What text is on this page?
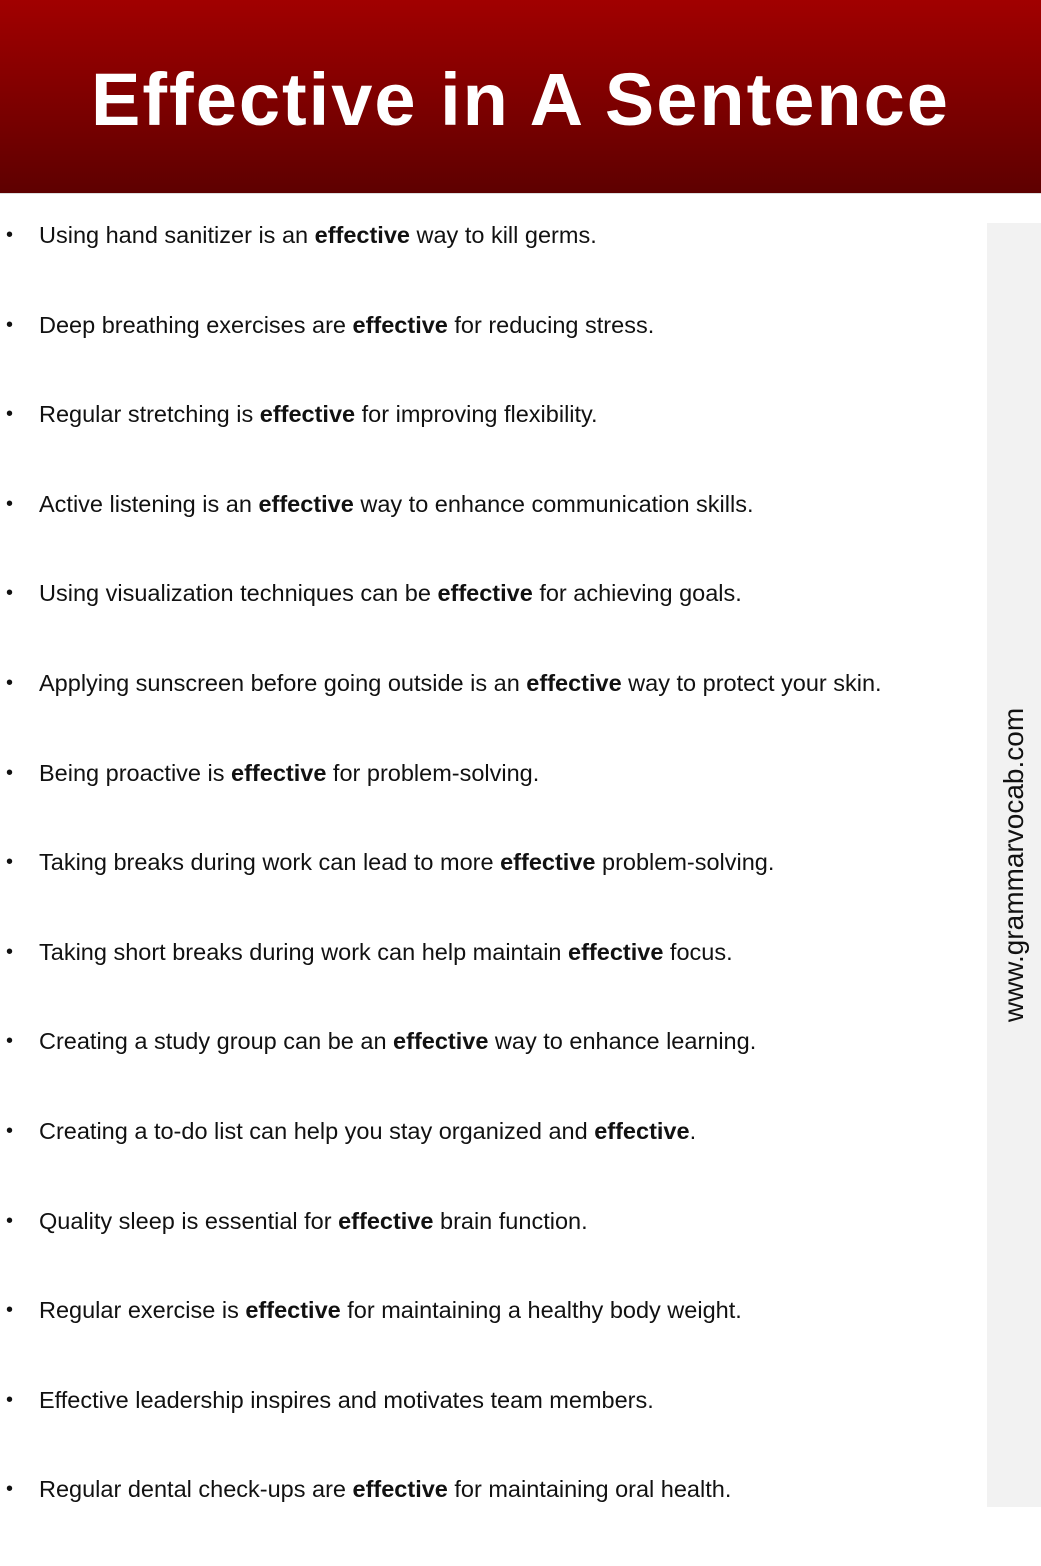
Effective in A Sentence
www.grammarvocab.com
• Using hand sanitizer is an effective way to kill germs.
• Deep breathing exercises are effective for reducing stress.
• Regular stretching is effective for improving flexibility.
• Active listening is an effective way to enhance communication skills.
• Using visualization techniques can be effective for achieving goals.
• Applying sunscreen before going outside is an effective way to protect your skin.
• Being proactive is effective for problem-solving.
• Taking breaks during work can lead to more effective problem-solving.
• Taking short breaks during work can help maintain effective focus.
• Creating a study group can be an effective way to enhance learning.
• Creating a to-do list can help you stay organized and effective.
• Quality sleep is essential for effective brain function.
• Regular exercise is effective for maintaining a healthy body weight.
• Effective leadership inspires and motivates team members.
• Regular dental check-ups are effective for maintaining oral health.
